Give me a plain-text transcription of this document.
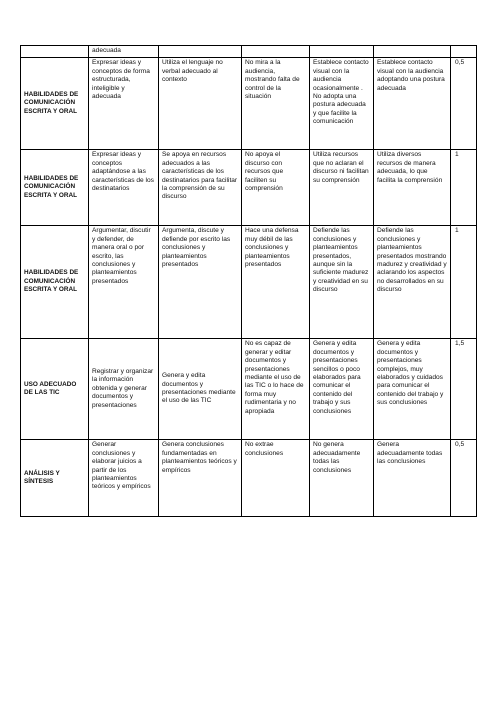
	adecuada					
HABILIDADES DE COMUNICACIÓN ESCRITA Y ORAL	Expresar ideas y conceptos de forma estructurada, inteligible y adecuada	Utiliza el lenguaje no verbal adecuado al contexto	No mira a la audiencia, mostrando falta de control de la situación	Establece contacto visual con la audiencia ocasionalmente . No adopta una postura adecuada y que facilite la comunicación	Establece contacto visual con la audiencia adoptando una postura adecuada	0,5
HABILIDADES DE COMUNICACIÓN ESCRITA Y ORAL	Expresar ideas y conceptos adaptándose a las características de los destinatarios	Se apoya en recursos adecuados a las características de los destinatarios para facilitar la comprensión de su discurso	No apoya el discurso con recursos que faciliten su comprensión	Utiliza recursos que no aclaran el discurso ni facilitan su comprensión	Utiliza diversos recursos de manera adecuada, lo que facilita la comprensión	1
HABILIDADES DE COMUNICACIÓN ESCRITA Y ORAL	Argumentar, discutir y defender, de manera oral o por escrito, las conclusiones y planteamientos presentados	Argumenta, discute y defiende por escrito las conclusiones y planteamientos presentados	Hace una defensa muy débil de las conclusiones y planteamientos presentados	Defiende las conclusiones y planteamientos presentados, aunque sin la suficiente madurez y creatividad en su discurso	Defiende las conclusiones y planteamientos presentados mostrando madurez y creatividad y aclarando los aspectos no desarrollados en su discurso	1
USO ADECUADO DE LAS TIC	Registrar y organizar la información obtenida y generar documentos y presentaciones	Genera y edita documentos y presentaciones mediante el uso de las TIC	No es capaz de generar y editar documentos y presentaciones mediante el uso de las TIC o lo hace de forma muy rudimentaria y no apropiada	Genera y edita documentos y presentaciones sencillos o poco elaborados para comunicar el contenido del trabajo y sus conclusiones	Genera y edita documentos y presentaciones complejos, muy elaborados y cuidados para comunicar el contenido del trabajo y sus conclusiones	1,5
ANÁLISIS Y SÍNTESIS	Generar conclusiones y elaborar juicios a partir de los planteamientos teóricos y empíricos	Genera conclusiones fundamentadas en planteamientos teóricos y empíricos	No extrae conclusiones	No genera adecuadamente todas las conclusiones	Genera adecuadamente todas las conclusiones	0,5
